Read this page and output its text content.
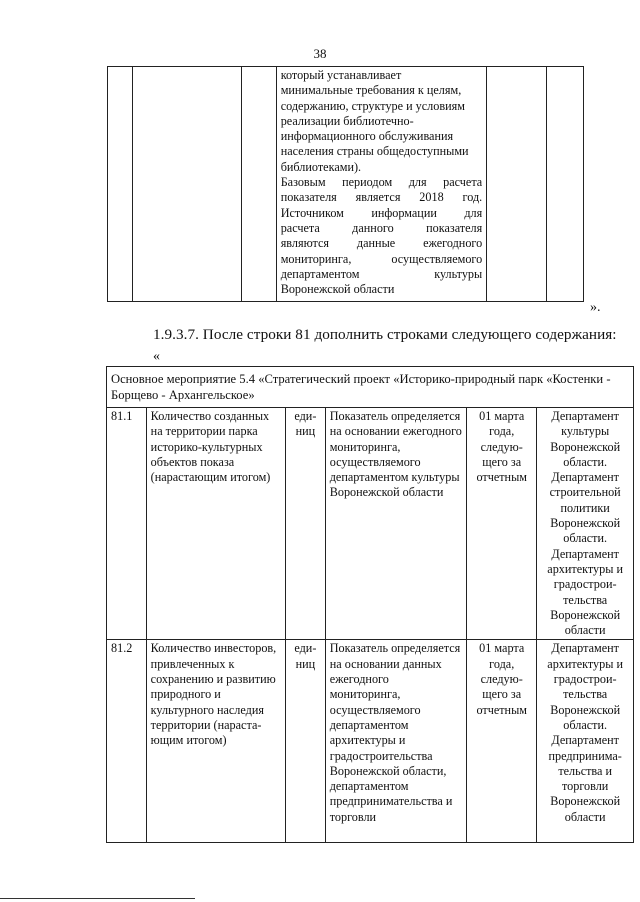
38

который устанавливает
минимальные требования к целям,
содержанию, структуре и условиям
реализации библиотечно-
информационного обслуживания
населения страны общедоступными
библиотеками).
Базовым периодом для расчета
показателя является 2018 год.
Источником информации для
расчета данного показателя
являются данные ежегодного
мониторинга, осуществляемого
департаментом культуры
Воронежской области

».
1.9.3.7. После строки 81 дополнить строками следующего содержания:
«
Основное мероприятие 5.4 «Стратегический проект «Историко-природный парк «Костенки - Борщево - Архангельское»					
81.1	Количество созданных на территории парка историко-культурных объектов показа (нарастающим итогом)	еди-ниц	Показатель определяется на основании ежегодного мониторинга, осуществляемого департаментом культуры Воронежской области	01 марта года, следую-щего за отчетным	Департамент культуры Воронежской области. Департамент строительной политики Воронежской области. Департамент архитектуры и градострои-тельства Воронежской области
81.2	Количество инвесторов, привлеченных к сохранению и развитию природного и культурного наследия территории (нараста-ющим итогом)	еди-ниц	Показатель определяется на основании данных ежегодного мониторинга, осуществляемого департаментом архитектуры и градостроительства Воронежской области, департаментом предпринимательства и торговли	01 марта года, следую-щего за отчетным	Департамент архитектуры и градострои-тельства Воронежской области. Департамент предпринима-тельства и торговли Воронежской области
